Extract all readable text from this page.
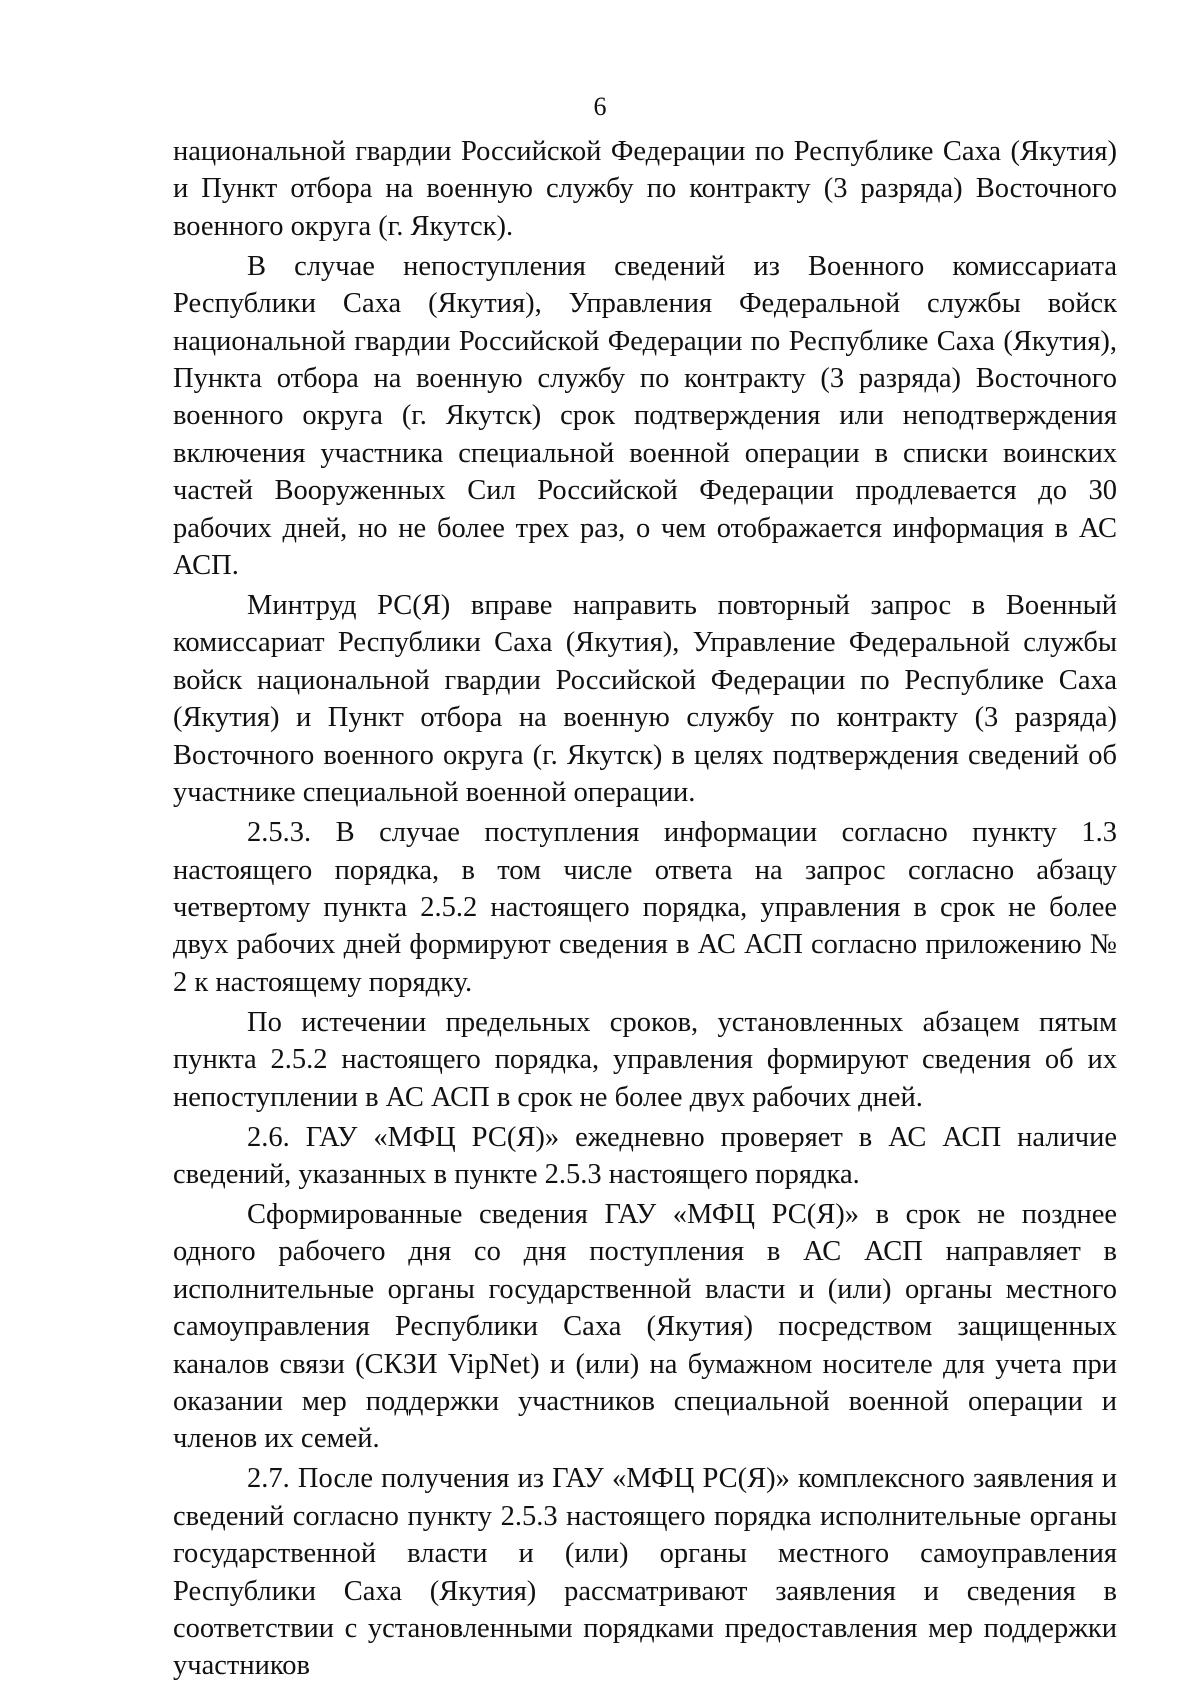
6

национальной гвардии Российской Федерации по Республике Саха (Якутия) и Пункт отбора на военную службу по контракту (3 разряда) Восточного военного округа (г. Якутск).

В случае непоступления сведений из Военного комиссариата Республики Саха (Якутия), Управления Федеральной службы войск национальной гвардии Российской Федерации по Республике Саха (Якутия), Пункта отбора на военную службу по контракту (3 разряда) Восточного военного округа (г. Якутск) срок подтверждения или неподтверждения включения участника специальной военной операции в списки воинских частей Вооруженных Сил Российской Федерации продлевается до 30 рабочих дней, но не более трех раз, о чем отображается информация в АС АСП.

Минтруд РС(Я) вправе направить повторный запрос в Военный комиссариат Республики Саха (Якутия), Управление Федеральной службы войск национальной гвардии Российской Федерации по Республике Саха (Якутия) и Пункт отбора на военную службу по контракту (3 разряда) Восточного военного округа (г. Якутск) в целях подтверждения сведений об участнике специальной военной операции.

2.5.3. В случае поступления информации согласно пункту 1.3 настоящего порядка, в том числе ответа на запрос согласно абзацу четвертому пункта 2.5.2 настоящего порядка, управления в срок не более двух рабочих дней формируют сведения в АС АСП согласно приложению № 2 к настоящему порядку.

По истечении предельных сроков, установленных абзацем пятым пункта 2.5.2 настоящего порядка, управления формируют сведения об их непоступлении в АС АСП в срок не более двух рабочих дней.

2.6. ГАУ «МФЦ РС(Я)» ежедневно проверяет в АС АСП наличие сведений, указанных в пункте 2.5.3 настоящего порядка.

Сформированные сведения ГАУ «МФЦ РС(Я)» в срок не позднее одного рабочего дня со дня поступления в АС АСП направляет в исполнительные органы государственной власти и (или) органы местного самоуправления Республики Саха (Якутия) посредством защищенных каналов связи (СКЗИ VipNet) и (или) на бумажном носителе для учета при оказании мер поддержки участников специальной военной операции и членов их семей.

2.7. После получения из ГАУ «МФЦ РС(Я)» комплексного заявления и сведений согласно пункту 2.5.3 настоящего порядка исполнительные органы государственной власти и (или) органы местного самоуправления Республики Саха (Якутия) рассматривают заявления и сведения в соответствии с установленными порядками предоставления мер поддержки участников
